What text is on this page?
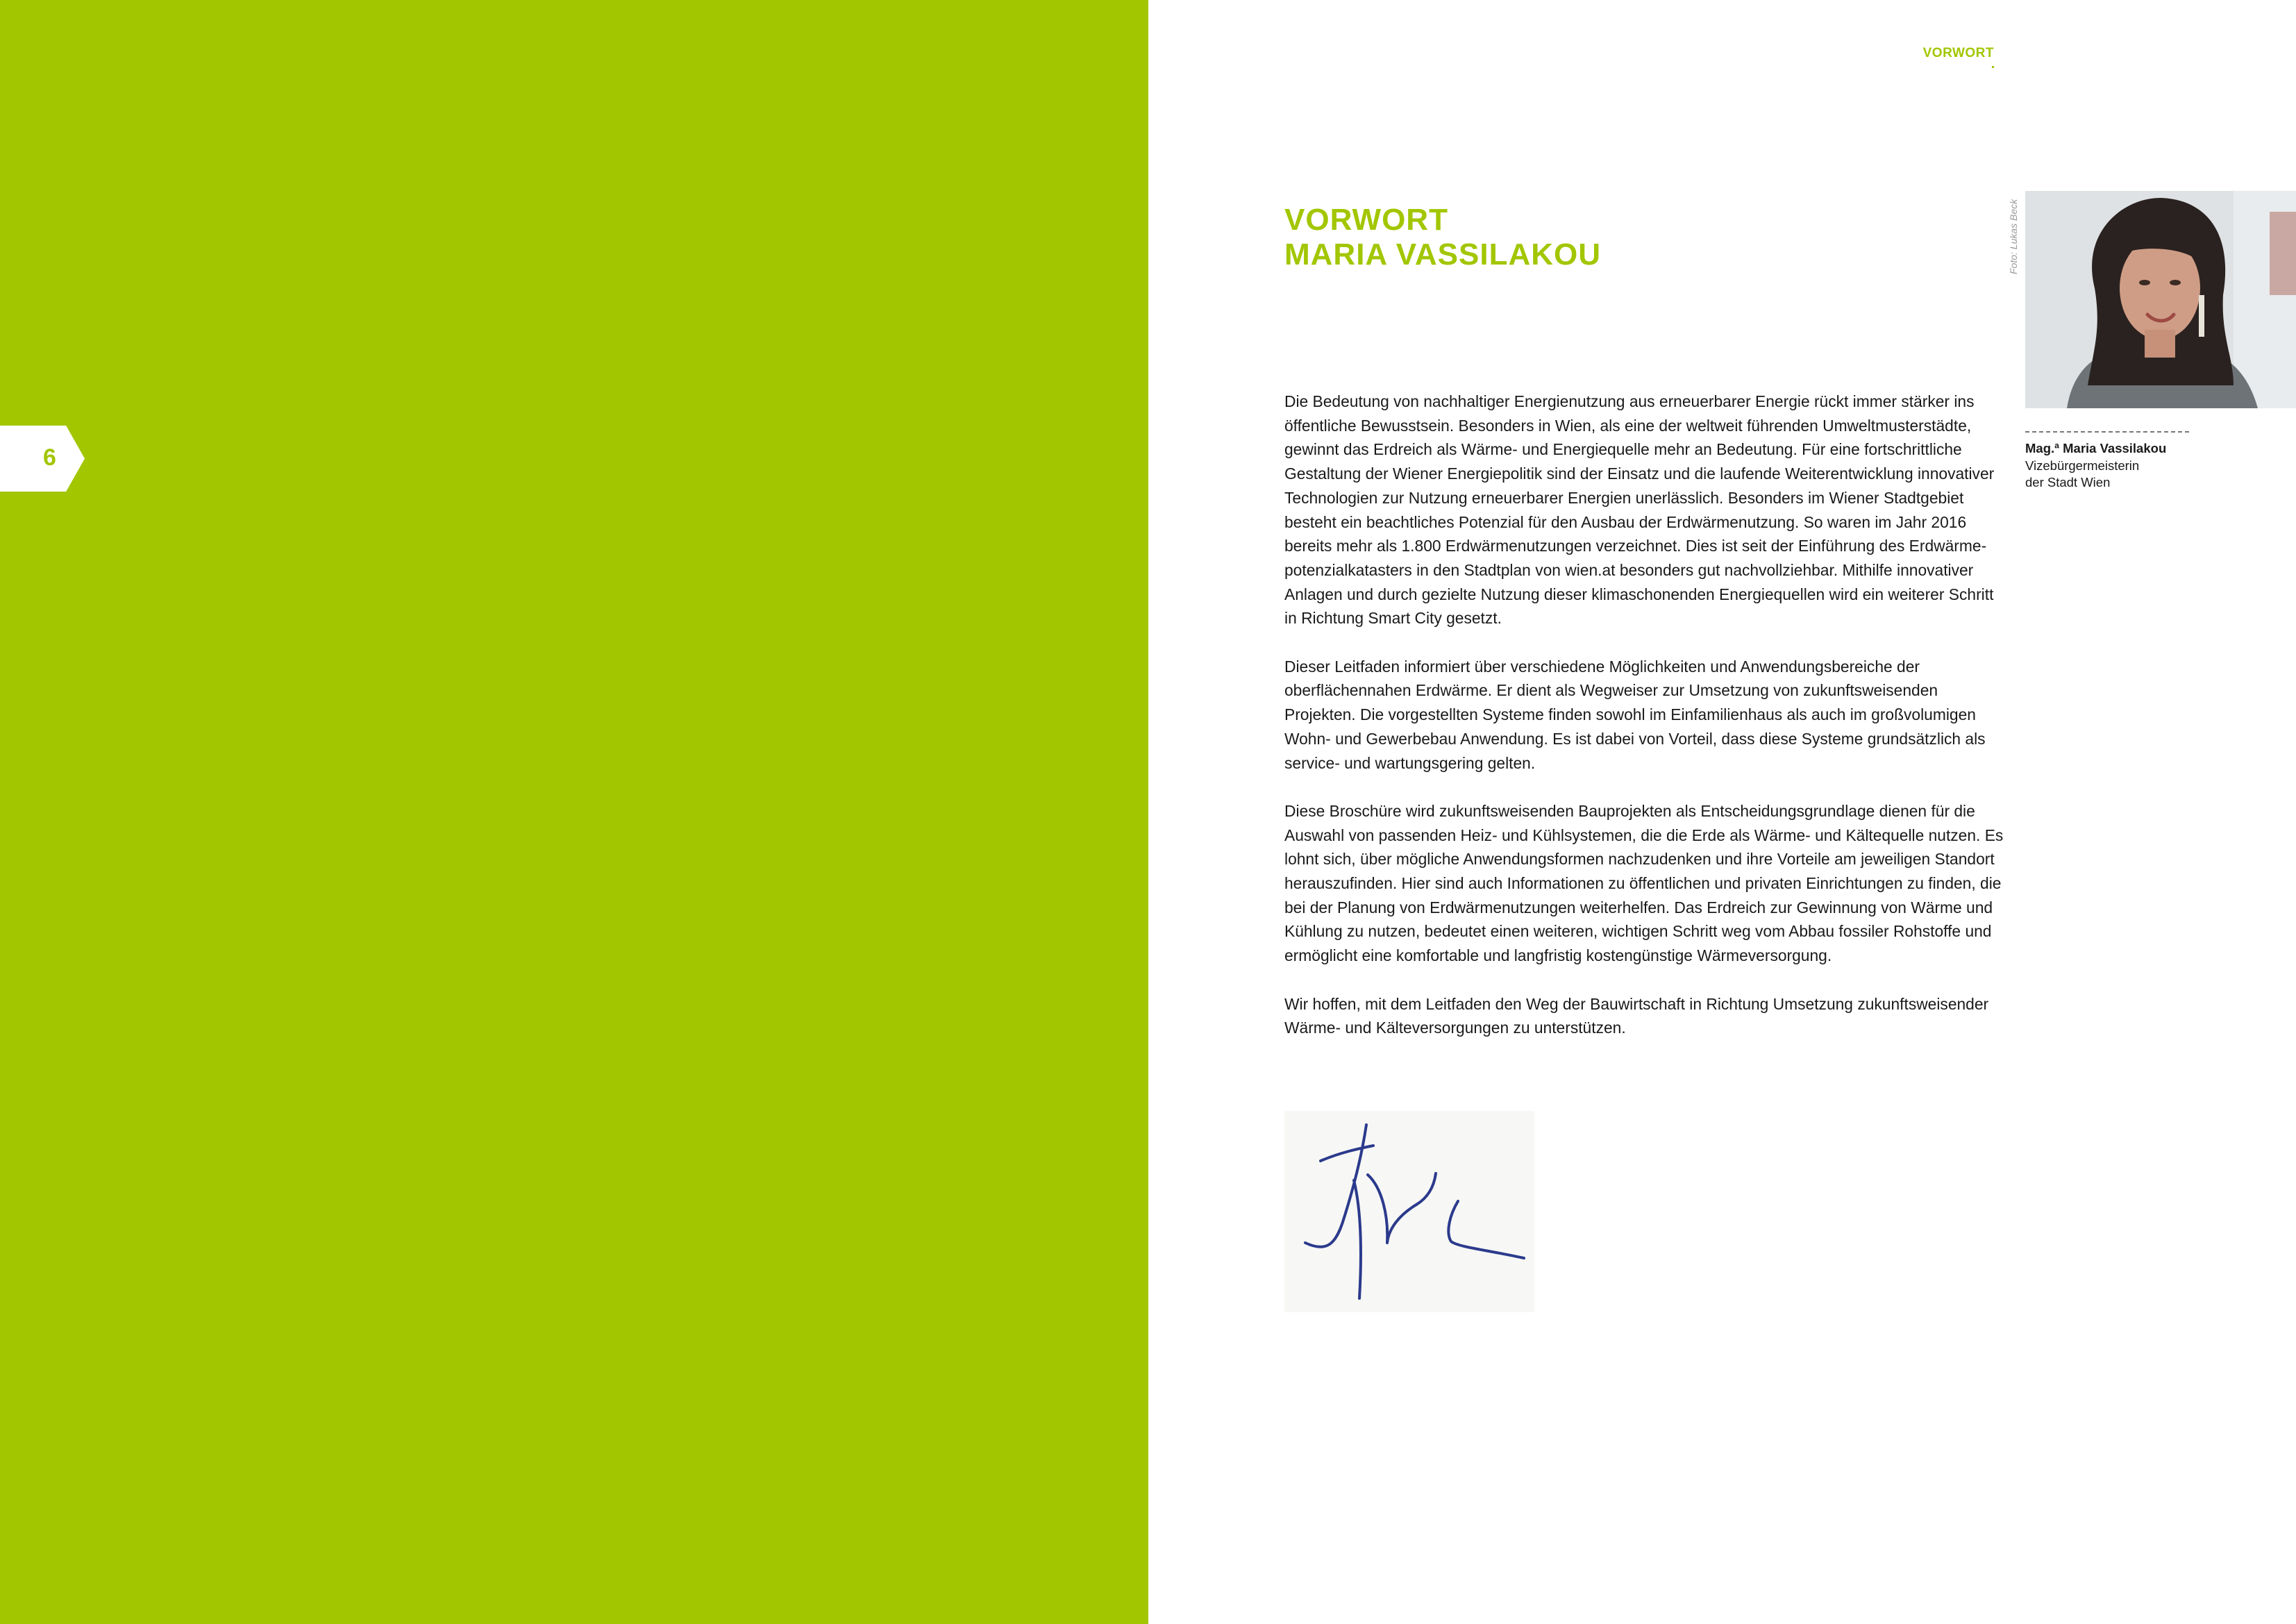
6
VORWORT
VORWORT
MARIA VASSILAKOU

Die Bedeutung von nachhaltiger Energienutzung aus erneuerbarer Energie rückt immer stärker ins öffentliche Bewusstsein. Besonders in Wien, als eine der weltweit führenden Umweltmusterstädte, gewinnt das Erdreich als Wärme- und Energiequelle mehr an Bedeutung. Für eine fortschrittliche Gestaltung der Wiener Energiepolitik sind der Einsatz und die laufende Weiterentwicklung innovativer Technologien zur Nutzung erneuerbarer Energien unerlässlich. Besonders im Wiener Stadtgebiet besteht ein beachtliches Potenzial für den Ausbau der Erdwärmenutzung. So waren im Jahr 2016 bereits mehr als 1.800 Erdwärmenutzungen verzeichnet. Dies ist seit der Einführung des Erdwärmepotenzialkatasters in den Stadtplan von wien.at besonders gut nachvollziehbar. Mithilfe innovativer Anlagen und durch gezielte Nutzung dieser klimaschonenden Energiequellen wird ein weiterer Schritt in Richtung Smart City gesetzt.

Dieser Leitfaden informiert über verschiedene Möglichkeiten und Anwendungsbereiche der oberflächennahen Erdwärme. Er dient als Wegweiser zur Umsetzung von zukunftsweisenden Projekten. Die vorgestellten Systeme finden sowohl im Einfamilienhaus als auch im großvolumigen Wohn- und Gewerbebau Anwendung. Es ist dabei von Vorteil, dass diese Systeme grundsätzlich als service- und wartungsgering gelten.

Diese Broschüre wird zukunftsweisenden Bauprojekten als Entscheidungsgrundlage dienen für die Auswahl von passenden Heiz- und Kühlsystemen, die die Erde als Wärme- und Kältequelle nutzen. Es lohnt sich, über mögliche Anwendungsformen nachzudenken und ihre Vorteile am jeweiligen Standort herauszufinden. Hier sind auch Informationen zu öffentlichen und privaten Einrichtungen zu finden, die bei der Planung von Erdwärmenutzungen weiterhelfen. Das Erdreich zur Gewinnung von Wärme und Kühlung zu nutzen, bedeutet einen weiteren, wichtigen Schritt weg vom Abbau fossiler Rohstoffe und ermöglicht eine komfortable und langfristig kostengünstige Wärmeversorgung.

Wir hoffen, mit dem Leitfaden den Weg der Bauwirtschaft in Richtung Umsetzung zukunftsweisender Wärme- und Kälteversorgungen zu unterstützen.

Foto: Lukas Beck
Mag.ª Maria Vassilakou
Vizebürgermeisterin
der Stadt Wien
